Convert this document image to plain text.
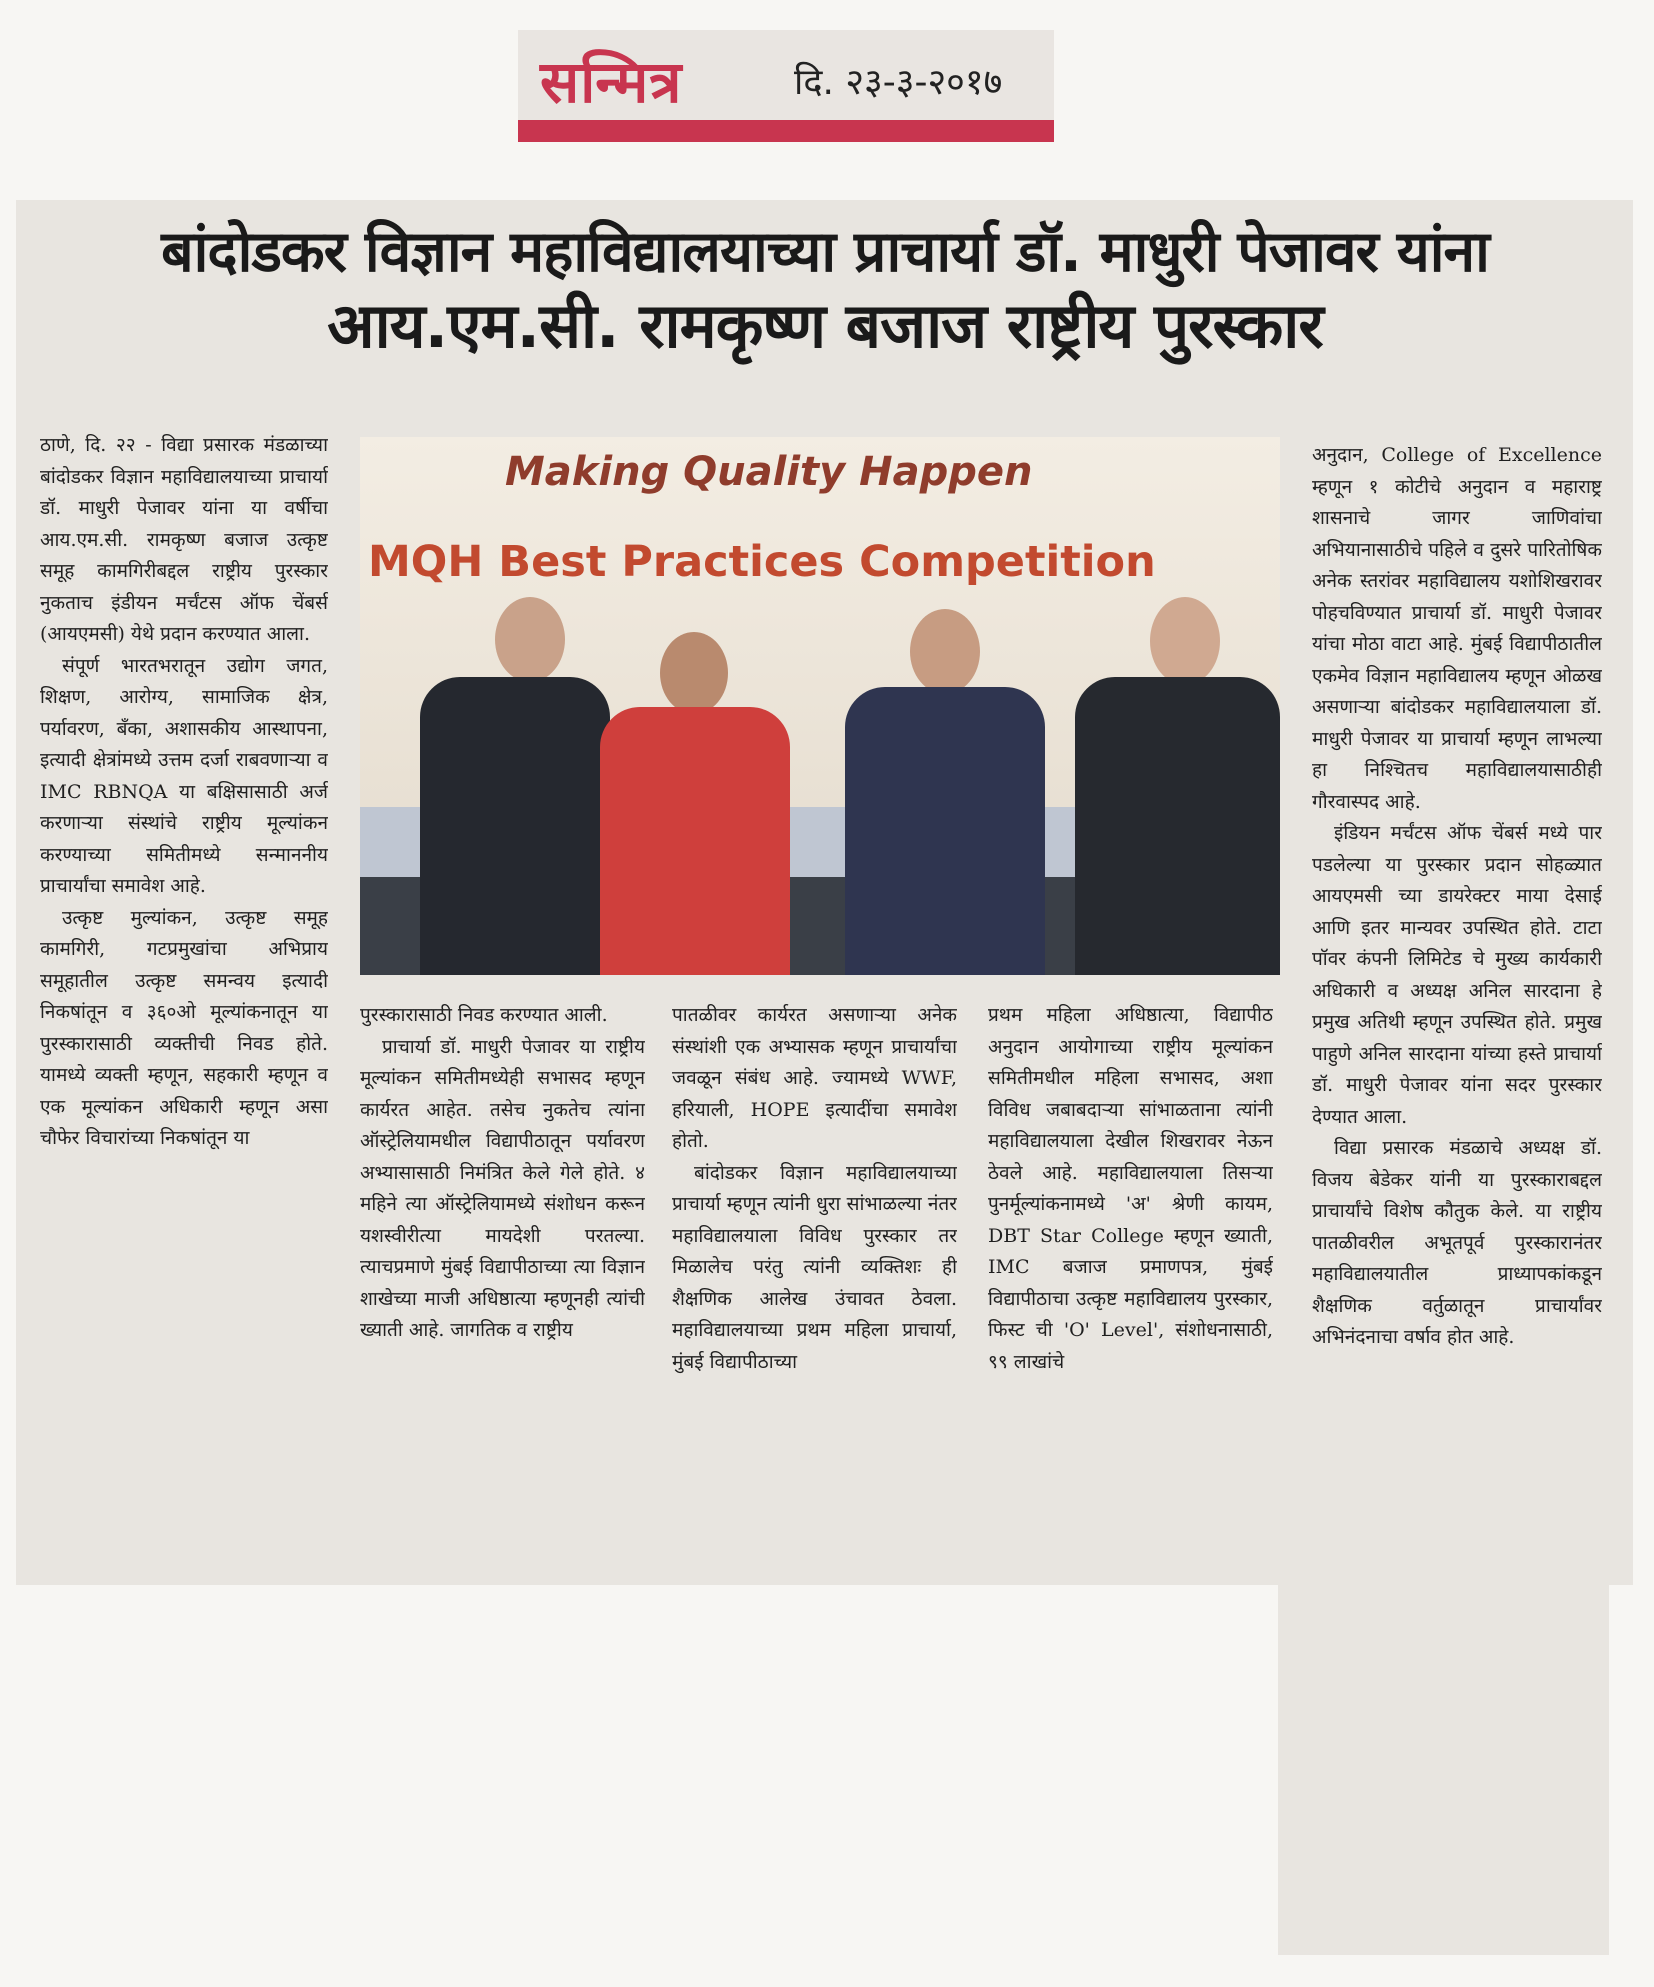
सन्मित्र	दि. २३-३-२०१७
बांदोडकर विज्ञान महाविद्यालयाच्या प्राचार्या डॉ. माधुरी पेजावर यांना
आय.एम.सी. रामकृष्ण बजाज राष्ट्रीय पुरस्कार
Making Quality Happen
MQH Best Practices Competition

ठाणे, दि. २२ - विद्या प्रसारक मंडळाच्या बांदोडकर विज्ञान महाविद्यालयाच्या प्राचार्या डॉ. माधुरी पेजावर यांना या वर्षीचा आय.एम.सी. रामकृष्ण बजाज उत्कृष्ट समूह कामगिरीबद्दल राष्ट्रीय पुरस्कार नुकताच इंडीयन मर्चंटस ऑफ चेंबर्स (आयएमसी) येथे प्रदान करण्यात आला.

संपूर्ण भारतभरातून उद्योग जगत, शिक्षण, आरोग्य, सामाजिक क्षेत्र, पर्यावरण, बँका, अशासकीय आस्थापना, इत्यादी क्षेत्रांमध्ये उत्तम दर्जा राबवणाऱ्या व IMC RBNQA या बक्षिसासाठी अर्ज करणाऱ्या संस्थांचे राष्ट्रीय मूल्यांकन करण्याच्या समितीमध्ये सन्माननीय प्राचार्यांचा समावेश आहे.

उत्कृष्ट मुल्यांकन, उत्कृष्ट समूह कामगिरी, गटप्रमुखांचा अभिप्राय समूहातील उत्कृष्ट समन्वय इत्यादी निकषांतून व ३६०ओ मूल्यांकनातून या पुरस्कारासाठी व्यक्तीची निवड होते. यामध्ये व्यक्ती म्हणून, सहकारी म्हणून व एक मूल्यांकन अधिकारी म्हणून असा चौफेर विचारांच्या निकषांतून या

पुरस्कारासाठी निवड करण्यात आली.

प्राचार्या डॉ. माधुरी पेजावर या राष्ट्रीय मूल्यांकन समितीमध्येही सभासद म्हणून कार्यरत आहेत. तसेच नुकतेच त्यांना ऑस्ट्रेलियामधील विद्यापीठातून पर्यावरण अभ्यासासाठी निमंत्रित केले गेले होते. ४ महिने त्या ऑस्ट्रेलियामध्ये संशोधन करून यशस्वीरीत्या मायदेशी परतल्या. त्याचप्रमाणे मुंबई विद्यापीठाच्या त्या विज्ञान शाखेच्या माजी अधिष्ठात्या म्हणूनही त्यांची ख्याती आहे. जागतिक व राष्ट्रीय

पातळीवर कार्यरत असणाऱ्या अनेक संस्थांशी एक अभ्यासक म्हणून प्राचार्यांचा जवळून संबंध आहे. ज्यामध्ये WWF, हरियाली, HOPE इत्यादींचा समावेश होतो.

बांदोडकर विज्ञान महाविद्यालयाच्या प्राचार्या म्हणून त्यांनी धुरा सांभाळल्या नंतर महाविद्यालयाला विविध पुरस्कार तर मिळालेच परंतु त्यांनी व्यक्तिशः ही शैक्षणिक आलेख उंचावत ठेवला. महाविद्यालयाच्या प्रथम महिला प्राचार्या, मुंबई विद्यापीठाच्या

प्रथम महिला अधिष्ठात्या, विद्यापीठ अनुदान आयोगाच्या राष्ट्रीय मूल्यांकन समितीमधील महिला सभासद, अशा विविध जबाबदाऱ्या सांभाळताना त्यांनी महाविद्यालयाला देखील शिखरावर नेऊन ठेवले आहे. महाविद्यालयाला तिसऱ्या पुनर्मूल्यांकनामध्ये 'अ' श्रेणी कायम, DBT Star College म्हणून ख्याती, IMC बजाज प्रमाणपत्र, मुंबई विद्यापीठाचा उत्कृष्ट महाविद्यालय पुरस्कार, फिस्ट ची 'O' Level', संशोधनासाठी, ९९ लाखांचे

अनुदान, College of Excellence म्हणून १ कोटीचे अनुदान व महाराष्ट्र शासनाचे जागर जाणिवांचा अभियानासाठीचे पहिले व दुसरे पारितोषिक अनेक स्तरांवर महाविद्यालय यशोशिखरावर पोहचविण्यात प्राचार्या डॉ. माधुरी पेजावर यांचा मोठा वाटा आहे. मुंबई विद्यापीठातील एकमेव विज्ञान महाविद्यालय म्हणून ओळख असणाऱ्या बांदोडकर महाविद्यालयाला डॉ. माधुरी पेजावर या प्राचार्या म्हणून लाभल्या हा निश्चितच महाविद्यालयासाठीही गौरवास्पद आहे.

इंडियन मर्चंटस ऑफ चेंबर्स मध्ये पार पडलेल्या या पुरस्कार प्रदान सोहळ्यात आयएमसी च्या डायरेक्टर माया देसाई आणि इतर मान्यवर उपस्थित होते. टाटा पॉवर कंपनी लिमिटेड चे मुख्य कार्यकारी अधिकारी व अध्यक्ष अनिल सारदाना हे प्रमुख अतिथी म्हणून उपस्थित होते. प्रमुख पाहुणे अनिल सारदाना यांच्या हस्ते प्राचार्या डॉ. माधुरी पेजावर यांना सदर पुरस्कार देण्यात आला.

विद्या प्रसारक मंडळाचे अध्यक्ष डॉ. विजय बेडेकर यांनी या पुरस्काराबद्दल प्राचार्यांचे विशेष कौतुक केले. या राष्ट्रीय पातळीवरील अभूतपूर्व पुरस्कारानंतर महाविद्यालयातील प्राध्यापकांकडून शैक्षणिक वर्तुळातून प्राचार्यांवर अभिनंदनाचा वर्षाव होत आहे.
